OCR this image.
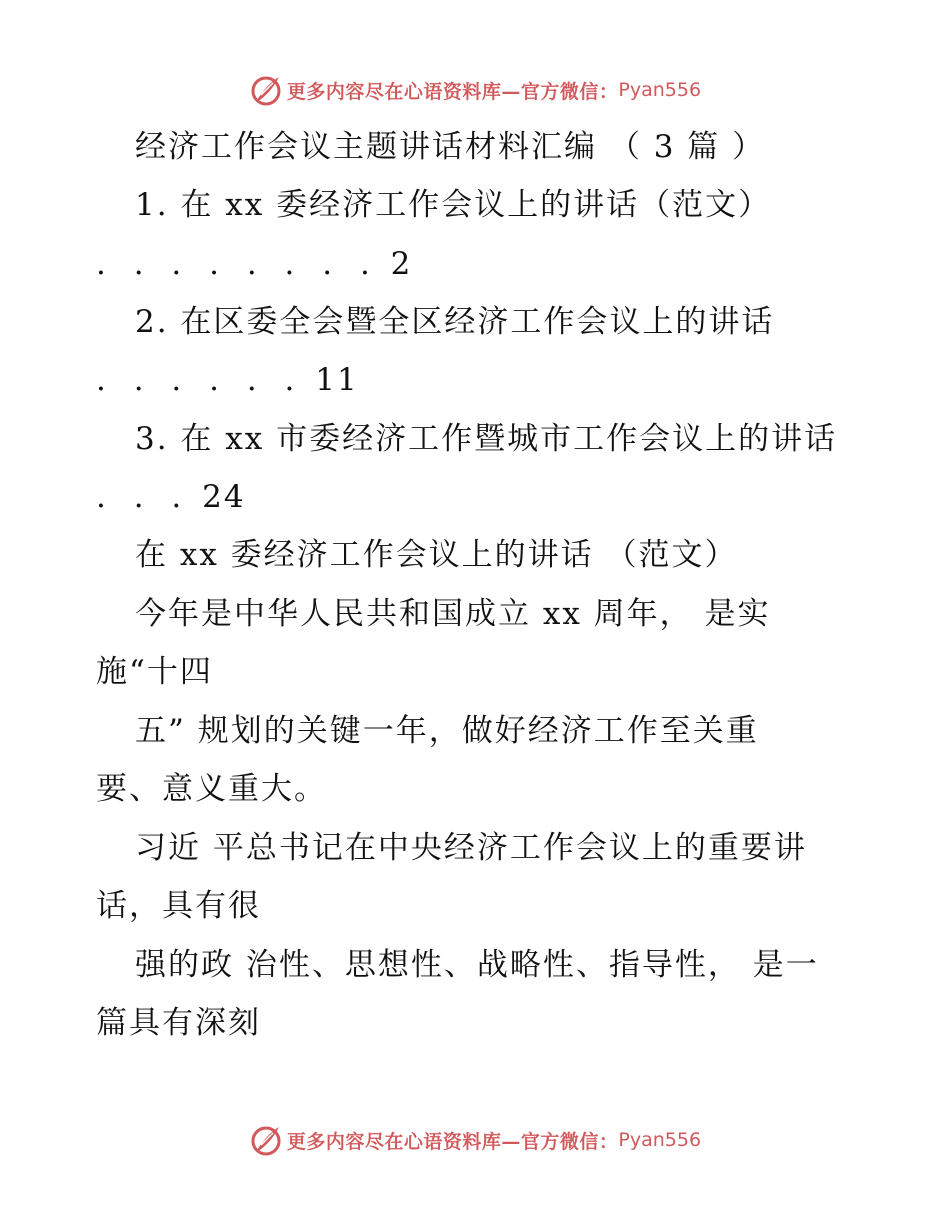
更多内容尽在心语资料库—官方微信： Pyan556
经济工作会议主题讲话材料汇编 （ 3 篇 ）
1. 在 xx 委经济工作会议上的讲话（范文）
. . . . . . . . 2
2. 在区委全会暨全区经济工作会议上的讲话
. . . . . . 11
3. 在 xx 市委经济工作暨城市工作会议上的讲话
. . . 24
在 xx 委经济工作会议上的讲话 （范文）
今年是中华人民共和国成立 xx 周年， 是实
施“十四
五” 规划的关键一年，做好经济工作至关重
要、意义重大。
习近 平总书记在中央经济工作会议上的重要讲
话，具有很
强的政 治性、思想性、战略性、指导性， 是一
篇具有深刻
更多内容尽在心语资料库—官方微信： Pyan556
